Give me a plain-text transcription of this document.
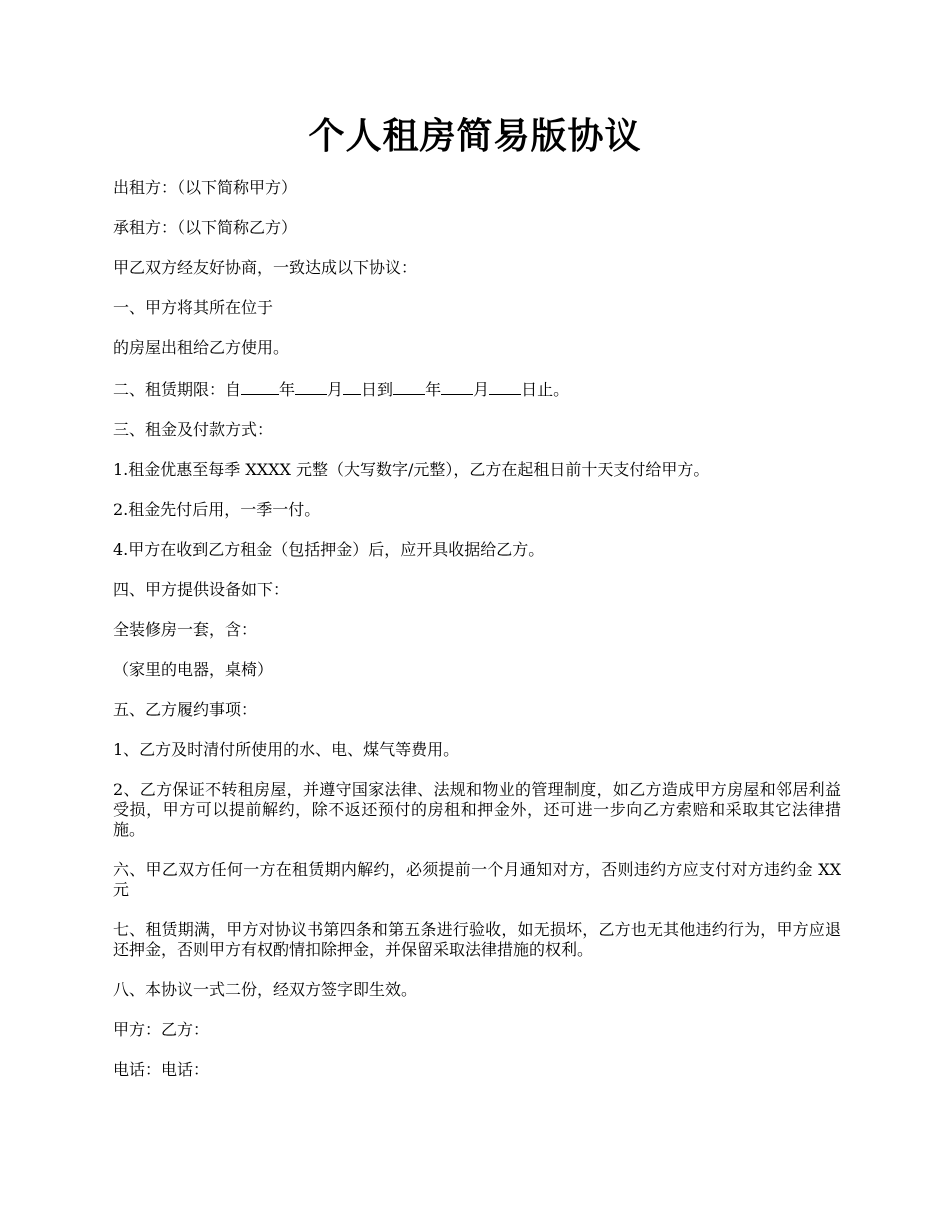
个人租房简易版协议

出租方：（以下简称甲方）

承租方：（以下简称乙方）

甲乙双方经友好协商，一致达成以下协议：

一、甲方将其所在位于

的房屋出租给乙方使用。

二、租赁期限：自 年 月 日到 年 月 日止。

三、租金及付款方式：

1.租金优惠至每季 XXXX 元整（大写数字/元整），乙方在起租日前十天支付给甲方。

2.租金先付后用，一季一付。

4.甲方在收到乙方租金（包括押金）后，应开具收据给乙方。

四、甲方提供设备如下：

全装修房一套，含：

（家里的电器，桌椅）

五、乙方履约事项：

1、乙方及时清付所使用的水、电、煤气等费用。

2、乙方保证不转租房屋，并遵守国家法律、法规和物业的管理制度，如乙方造成甲方房屋和邻居利益受损，甲方可以提前解约，除不返还预付的房租和押金外，还可进一步向乙方索赔和采取其它法律措施。

六、甲乙双方任何一方在租赁期内解约，必须提前一个月通知对方，否则违约方应支付对方违约金 XX 元

七、租赁期满，甲方对协议书第四条和第五条进行验收，如无损坏，乙方也无其他违约行为，甲方应退还押金，否则甲方有权酌情扣除押金，并保留采取法律措施的权利。

八、本协议一式二份，经双方签字即生效。

甲方：乙方：

电话：电话：
